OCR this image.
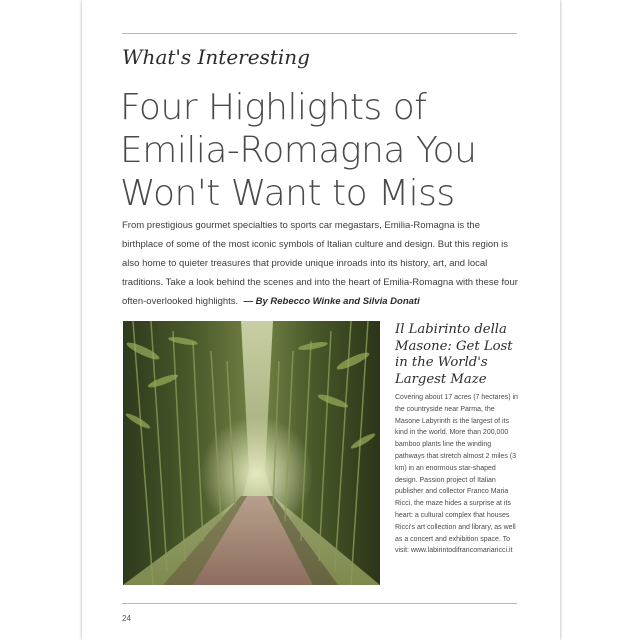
What's Interesting
Four Highlights of
Emilia-Romagna You
Won't Want to Miss
From prestigious gourmet specialties to sports car megastars, Emilia-Romagna is the birthplace of some of the most iconic symbols of Italian culture and design. But this region is also home to quieter treasures that provide unique inroads into its history, art, and local traditions. Take a look behind the scenes and into the heart of Emilia-Romagna with these four often-overlooked highlights. — By Rebecco Winke and Silvia Donati
Il Labirinto della Masone: Get Lost in the World's Largest Maze
Covering about 17 acres (7 hectares) in the countryside near Parma, the Masone Labyrinth is the largest of its kind in the world. More than 200,000 bamboo plants line the winding pathways that stretch almost 2 miles (3 km) in an enormous star-shaped design. Passion project of Italian publisher and collector Franco Maria Ricci, the maze hides a surprise at its heart: a cultural complex that houses Ricci's art collection and library, as well as a concert and exhibition space. To visit: www.labirintodifrancomariaricci.it
24
